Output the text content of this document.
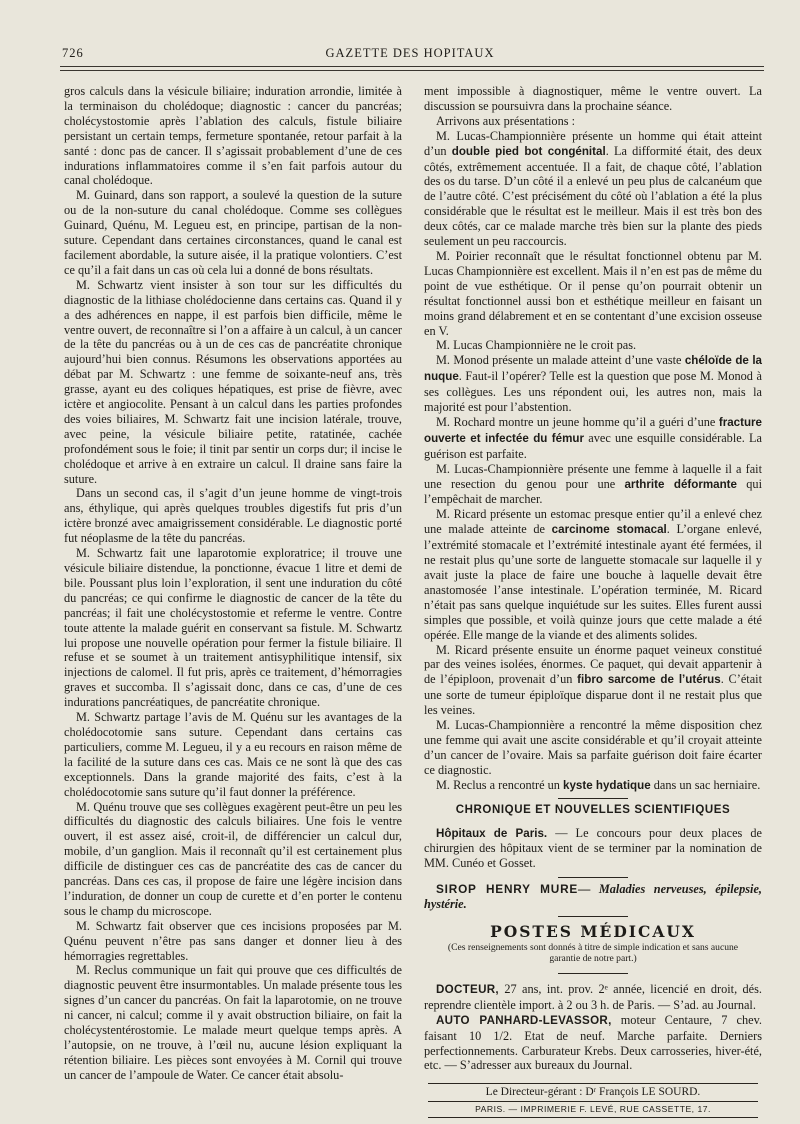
726	GAZETTE DES HOPITAUX

gros calculs dans la vésicule biliaire; induration arrondie, limitée à la terminaison du cholédoque; diagnostic : cancer du pancréas; cholécystostomie après l’ablation des calculs, fistule biliaire persistant un certain temps, fermeture spontanée, retour parfait à la santé : donc pas de cancer. Il s’agissait probablement d’une de ces indurations inflammatoires comme il s’en fait parfois autour du canal cholédoque.

M. Guinard, dans son rapport, a soulevé la question de la suture ou de la non-suture du canal cholédoque. Comme ses collègues Guinard, Quénu, M. Legueu est, en principe, partisan de la non-suture. Cependant dans certaines circonstances, quand le canal est facilement abordable, la suture aisée, il la pratique volontiers. C’est ce qu’il a fait dans un cas où cela lui a donné de bons résultats.

M. Schwartz vient insister à son tour sur les difficultés du diagnostic de la lithiase cholédocienne dans certains cas. Quand il y a des adhérences en nappe, il est parfois bien difficile, même le ventre ouvert, de reconnaître si l’on a affaire à un calcul, à un cancer de la tête du pancréas ou à un de ces cas de pancréatite chronique aujourd’hui bien connus. Résumons les observations apportées au débat par M. Schwartz : une femme de soixante-neuf ans, très grasse, ayant eu des coliques hépatiques, est prise de fièvre, avec ictère et angiocolite. Pensant à un calcul dans les parties profondes des voies biliaires, M. Schwartz fait une incision latérale, trouve, avec peine, la vésicule biliaire petite, ratatinée, cachée profondément sous le foie; il tinit par sentir un corps dur; il incise le cholédoque et arrive à en extraire un calcul. Il draine sans faire la suture.

Dans un second cas, il s’agit d’un jeune homme de vingt-trois ans, éthylique, qui après quelques troubles digestifs fut pris d’un ictère bronzé avec amaigrissement considérable. Le diagnostic porté fut néoplasme de la tête du pancréas.

M. Schwartz fait une laparotomie exploratrice; il trouve une vésicule biliaire distendue, la ponctionne, évacue 1 litre et demi de bile. Poussant plus loin l’exploration, il sent une induration du côté du pancréas; ce qui confirme le diagnostic de cancer de la tête du pancréas; il fait une cholécystostomie et referme le ventre. Contre toute attente la malade guérit en conservant sa fistule. M. Schwartz lui propose une nouvelle opération pour fermer la fistule biliaire. Il refuse et se soumet à un traitement antisyphilitique intensif, six injections de calomel. Il fut pris, après ce traitement, d’hémorragies graves et succomba. Il s’agissait donc, dans ce cas, d’une de ces indurations pancréatiques, de pancréatite chronique.

M. Schwartz partage l’avis de M. Quénu sur les avantages de la cholédocotomie sans suture. Cependant dans certains cas particuliers, comme M. Legueu, il y a eu recours en raison même de la facilité de la suture dans ces cas. Mais ce ne sont là que des cas exceptionnels. Dans la grande majorité des faits, c’est à la cholédocotomie sans suture qu’il faut donner la préférence.

M. Quénu trouve que ses collègues exagèrent peut-être un peu les difficultés du diagnostic des calculs biliaires. Une fois le ventre ouvert, il est assez aisé, croit-il, de différencier un calcul dur, mobile, d’un ganglion. Mais il reconnaît qu’il est certainement plus difficile de distinguer ces cas de pancréatite des cas de cancer du pancréas. Dans ces cas, il propose de faire une légère incision dans l’induration, de donner un coup de curette et d’en porter le contenu sous le champ du microscope.

M. Schwartz fait observer que ces incisions proposées par M. Quénu peuvent n’être pas sans danger et donner lieu à des hémorragies regrettables.

M. Reclus communique un fait qui prouve que ces difficultés de diagnostic peuvent être insurmontables. Un malade présente tous les signes d’un cancer du pancréas. On fait la laparotomie, on ne trouve ni cancer, ni calcul; comme il y avait obstruction biliaire, on fait la cholécystentérostomie. Le malade meurt quelque temps après. A l’autopsie, on ne trouve, à l’œil nu, aucune lésion expliquant la rétention biliaire. Les pièces sont envoyées à M. Cornil qui trouve un cancer de l’ampoule de Water. Ce cancer était absolu-

ment impossible à diagnostiquer, même le ventre ouvert. La discussion se poursuivra dans la prochaine séance.

Arrivons aux présentations :

M. Lucas-Championnière présente un homme qui était atteint d’un double pied bot congénital. La difformité était, des deux côtés, extrêmement accentuée. Il a fait, de chaque côté, l’ablation des os du tarse. D’un côté il a enlevé un peu plus de calcanéum que de l’autre côté. C’est précisément du côté où l’ablation a été la plus considérable que le résultat est le meilleur. Mais il est très bon des deux côtés, car ce malade marche très bien sur la plante des pieds seulement un peu raccourcis.

M. Poirier reconnaît que le résultat fonctionnel obtenu par M. Lucas Championnière est excellent. Mais il n’en est pas de même du point de vue esthétique. Or il pense qu’on pourrait obtenir un résultat fonctionnel aussi bon et esthétique meilleur en faisant un moins grand délabrement et en se contentant d’une excision osseuse en V.

M. Lucas Championnière ne le croit pas.

M. Monod présente un malade atteint d’une vaste chéloïde de la nuque. Faut-il l’opérer? Telle est la question que pose M. Monod à ses collègues. Les uns répondent oui, les autres non, mais la majorité est pour l’abstention.

M. Rochard montre un jeune homme qu’il a guéri d’une fracture ouverte et infectée du fémur avec une esquille considérable. La guérison est parfaite.

M. Lucas-Championnière présente une femme à laquelle il a fait une resection du genou pour une arthrite déformante qui l’empêchait de marcher.

M. Ricard présente un estomac presque entier qu’il a enlevé chez une malade atteinte de carcinome stomacal. L’organe enlevé, l’extrémité stomacale et l’extrémité intestinale ayant été fermées, il ne restait plus qu’une sorte de languette stomacale sur laquelle il y avait juste la place de faire une bouche à laquelle devait être anastomosée l’anse intestinale. L’opération terminée, M. Ricard n’était pas sans quelque inquiétude sur les suites. Elles furent aussi simples que possible, et voilà quinze jours que cette malade a été opérée. Elle mange de la viande et des aliments solides.

M. Ricard présente ensuite un énorme paquet veineux constitué par des veines isolées, énormes. Ce paquet, qui devait appartenir à de l’épiploon, provenait d’un fibro sarcome de l’utérus. C’était une sorte de tumeur épiploïque disparue dont il ne restait plus que les veines.

M. Lucas-Championnière a rencontré la même disposition chez une femme qui avait une ascite considérable et qu’il croyait atteinte d’un cancer de l’ovaire. Mais sa parfaite guérison doit faire écarter ce diagnostic.

M. Reclus a rencontré un kyste hydatique dans un sac herniaire.

CHRONIQUE ET NOUVELLES SCIENTIFIQUES

Hôpitaux de Paris. — Le concours pour deux places de chirurgien des hôpitaux vient de se terminer par la nomination de MM. Cunéo et Gosset.

SIROP HENRY MURE— Maladies nerveuses, épilepsie, hystérie.

POSTES MÉDICAUX
(Ces renseignements sont donnés à titre de simple indication et sans aucune garantie de notre part.)

DOCTEUR, 27 ans, int. prov. 2ᵉ année, licencié en droit, dés. reprendre clientèle import. à 2 ou 3 h. de Paris. — S’ad. au Journal.

AUTO PANHARD-LEVASSOR, moteur Centaure, 7 chev. faisant 10 1/2. Etat de neuf. Marche parfaite. Derniers perfectionnements. Carburateur Krebs. Deux carrosseries, hiver-été, etc. — S’adresser aux bureaux du Journal.

Le Directeur-gérant : Dʳ François LE SOURD.
PARIS. — IMPRIMERIE F. LEVÉ, RUE CASSETTE, 17.
